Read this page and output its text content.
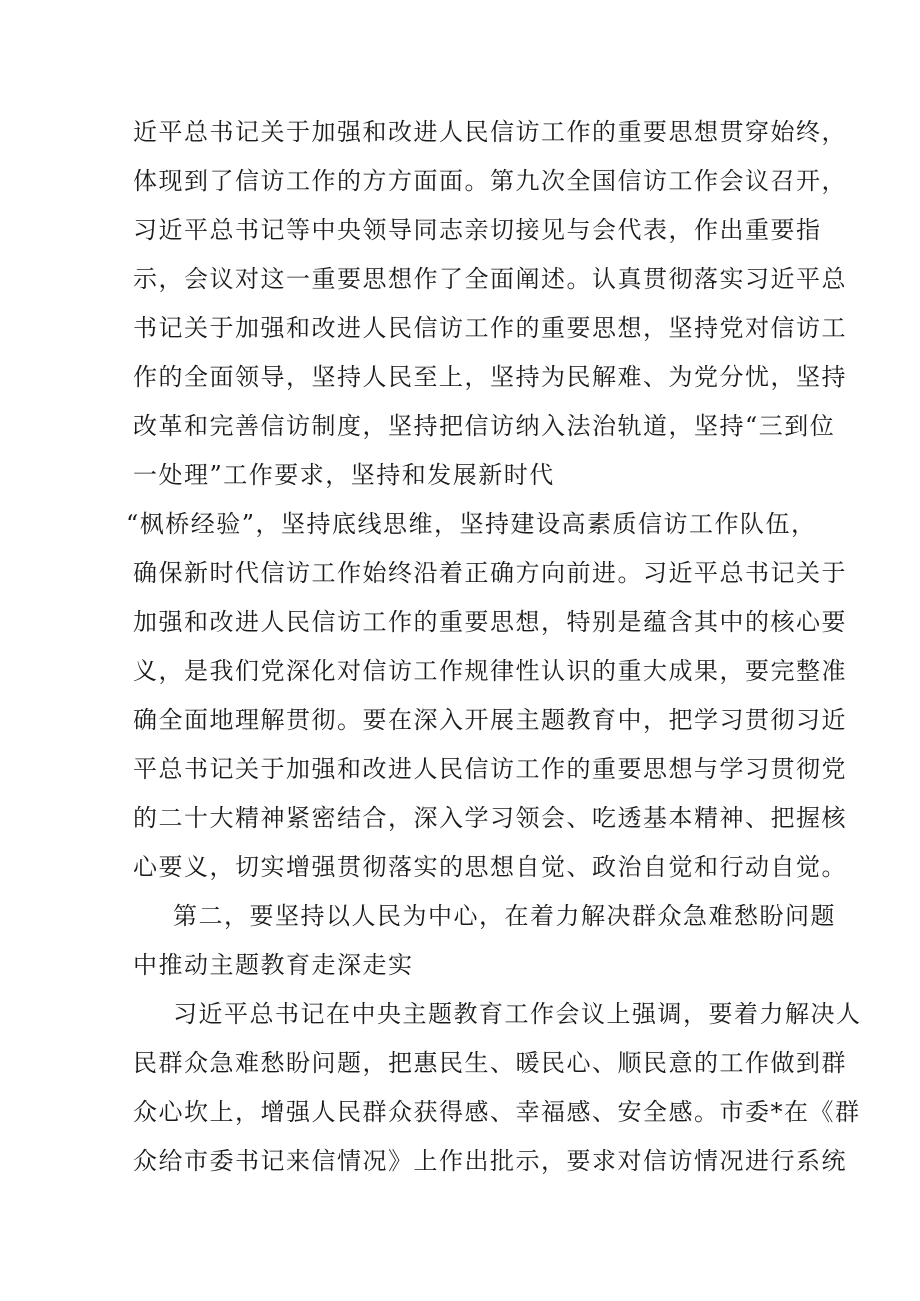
近平总书记关于加强和改进人民信访工作的重要思想贯穿始终，
体现到了信访工作的方方面面。第九次全国信访工作会议召开，
习近平总书记等中央领导同志亲切接见与会代表，作出重要指
示，会议对这一重要思想作了全面阐述。认真贯彻落实习近平总
书记关于加强和改进人民信访工作的重要思想，坚持党对信访工
作的全面领导，坚持人民至上，坚持为民解难、为党分忧，坚持
改革和完善信访制度，坚持把信访纳入法治轨道，坚持“三到位
一处理”工作要求，坚持和发展新时代
“枫桥经验”，坚持底线思维，坚持建设高素质信访工作队伍，
确保新时代信访工作始终沿着正确方向前进。习近平总书记关于
加强和改进人民信访工作的重要思想，特别是蕴含其中的核心要
义，是我们党深化对信访工作规律性认识的重大成果，要完整准
确全面地理解贯彻。要在深入开展主题教育中，把学习贯彻习近
平总书记关于加强和改进人民信访工作的重要思想与学习贯彻党
的二十大精神紧密结合，深入学习领会、吃透基本精神、把握核
心要义，切实增强贯彻落实的思想自觉、政治自觉和行动自觉。
第二，要坚持以人民为中心，在着力解决群众急难愁盼问题
中推动主题教育走深走实
习近平总书记在中央主题教育工作会议上强调，要着力解决人
民群众急难愁盼问题，把惠民生、暖民心、顺民意的工作做到群
众心坎上，增强人民群众获得感、幸福感、安全感。市委*在《群
众给市委书记来信情况》上作出批示，要求对信访情况进行系统
